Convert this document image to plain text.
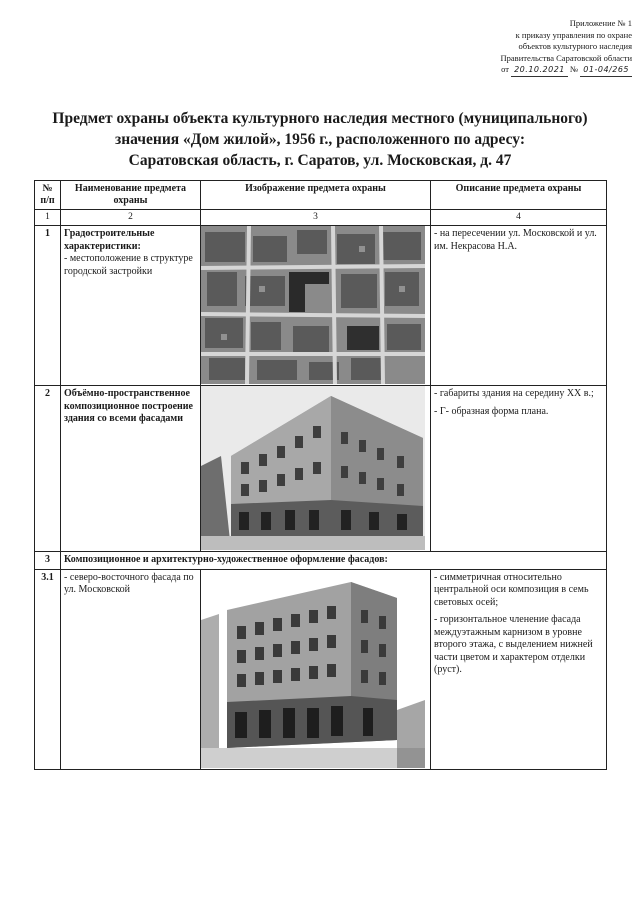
Приложение № 1
к приказу управления по охране
объектов культурного наследия
Правительства Саратовской области
от 20.10.2021 № 01-04/265
Предмет охраны объекта культурного наследия местного (муниципального)
значения «Дом жилой», 1956 г., расположенного по адресу:
Саратовская область, г. Саратов, ул. Московская, д. 47
№ п/п	Наименование предмета охраны	Изображение предмета охраны	Описание предмета охраны
1	2	3	4
1	Градостроительные характеристики:
- местоположение в структуре городской застройки		- на пересечении ул. Московской и ул. им. Некрасова Н.А.

2	Объёмно-пространственное композиционное построение здания со всеми фасадами		- габариты здания на середину XX в.;
- Г- образная форма плана.

3	Композиционное и архитектурно-художественное оформление фасадов:		
3.1	- северо-восточного фасада по ул. Московской		- симметричная относительно центральной оси композиция в семь световых осей;
- горизонтальное членение фасада междуэтажным карнизом в уровне второго этажа, с выделением нижней части цветом и характером отделки (руст).
